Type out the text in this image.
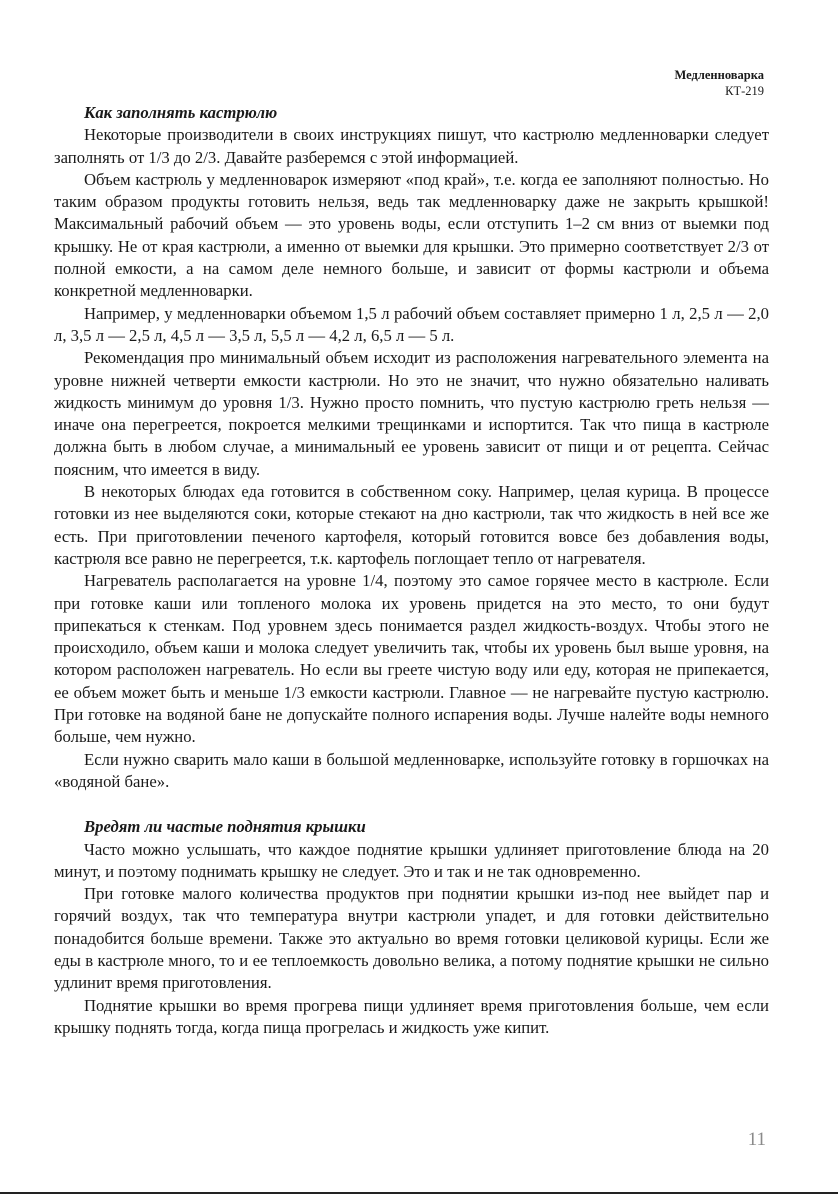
Медленноварка
КТ-219
Как заполнять кастрюлю

Некоторые производители в своих инструкциях пишут, что кастрюлю медленноварки следует заполнять от 1/3 до 2/3. Давайте разберемся с этой информацией.

Объем кастрюль у медленноварок измеряют «под край», т.е. когда ее заполняют полностью. Но таким образом продукты готовить нельзя, ведь так медленноварку даже не закрыть крышкой! Максимальный рабочий объем — это уровень воды, если отступить 1–2 см вниз от выемки под крышку. Не от края кастрюли, а именно от выемки для крышки. Это примерно соответствует 2/3 от полной емкости, а на самом деле немного больше, и зависит от формы кастрюли и объема конкретной медленноварки.

Например, у медленноварки объемом 1,5 л рабочий объем составляет примерно 1 л, 2,5 л — 2,0 л, 3,5 л — 2,5 л, 4,5 л — 3,5 л, 5,5 л — 4,2 л, 6,5 л — 5 л.

Рекомендация про минимальный объем исходит из расположения нагревательного элемента на уровне нижней четверти емкости кастрюли. Но это не значит, что нужно обязательно наливать жидкость минимум до уровня 1/3. Нужно просто помнить, что пустую кастрюлю греть нельзя — иначе она перегреется, покроется мелкими трещинками и испортится. Так что пища в кастрюле должна быть в любом случае, а минимальный ее уровень зависит от пищи и от рецепта. Сейчас поясним, что имеется в виду.

В некоторых блюдах еда готовится в собственном соку. Например, целая курица. В процессе готовки из нее выделяются соки, которые стекают на дно кастрюли, так что жидкость в ней все же есть. При приготовлении печеного картофеля, который готовится вовсе без добавления воды, кастрюля все равно не перегреется, т.к. картофель поглощает тепло от нагревателя.

Нагреватель располагается на уровне 1/4, поэтому это самое горячее место в кастрюле. Если при готовке каши или топленого молока их уровень придется на это место, то они будут припекаться к стенкам. Под уровнем здесь понимается раздел жидкость-воздух. Чтобы этого не происходило, объем каши и молока следует увеличить так, чтобы их уровень был выше уровня, на котором расположен нагреватель. Но если вы греете чистую воду или еду, которая не припекается, ее объем может быть и меньше 1/3 емкости кастрюли. Главное — не нагревайте пустую кастрюлю. При готовке на водяной бане не допускайте полного испарения воды. Лучше налейте воды немного больше, чем нужно.

Если нужно сварить мало каши в большой медленноварке, используйте готовку в горшочках на «водяной бане».

Вредят ли частые поднятия крышки

Часто можно услышать, что каждое поднятие крышки удлиняет приготовление блюда на 20 минут, и поэтому поднимать крышку не следует. Это и так и не так одновременно.

При готовке малого количества продуктов при поднятии крышки из-под нее выйдет пар и горячий воздух, так что температура внутри кастрюли упадет, и для готовки действительно понадобится больше времени. Также это актуально во время готовки целиковой курицы. Если же еды в кастрюле много, то и ее теплоемкость довольно велика, а потому поднятие крышки не сильно удлинит время приготовления.

Поднятие крышки во время прогрева пищи удлиняет время приготовления больше, чем если крышку поднять тогда, когда пища прогрелась и жидкость уже кипит.

11
